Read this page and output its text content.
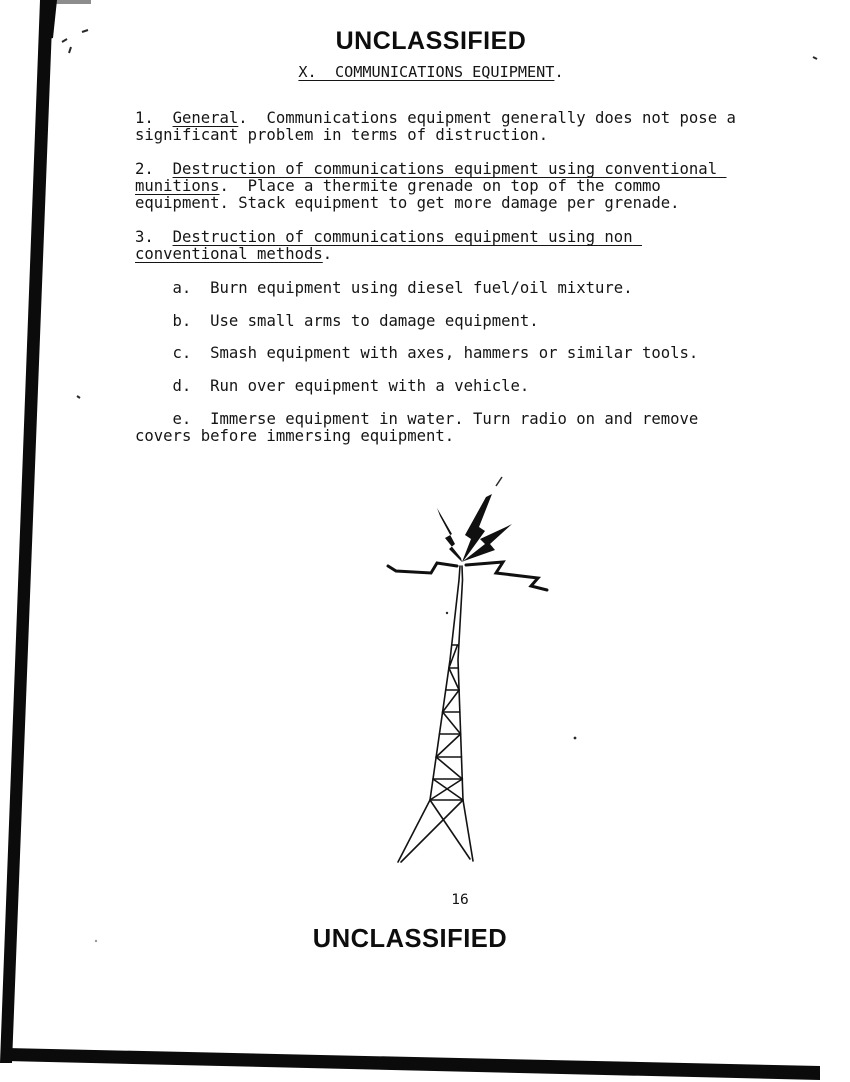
UNCLASSIFIED
X.  COMMUNICATIONS EQUIPMENT.

1.  General.  Communications equipment generally does not pose a significant problem in terms of distruction.

2.  Destruction of communications equipment using conventional munitions.  Place a thermite grenade on top of the commo equipment. Stack equipment to get more damage per grenade.

3.  Destruction of communications equipment using non conventional methods.

a.  Burn equipment using diesel fuel/oil mixture.

b.  Use small arms to damage equipment.

c.  Smash equipment with axes, hammers or similar tools.

d.  Run over equipment with a vehicle.

e.  Immerse equipment in water. Turn radio on and remove covers before immersing equipment.

16
UNCLASSIFIED
